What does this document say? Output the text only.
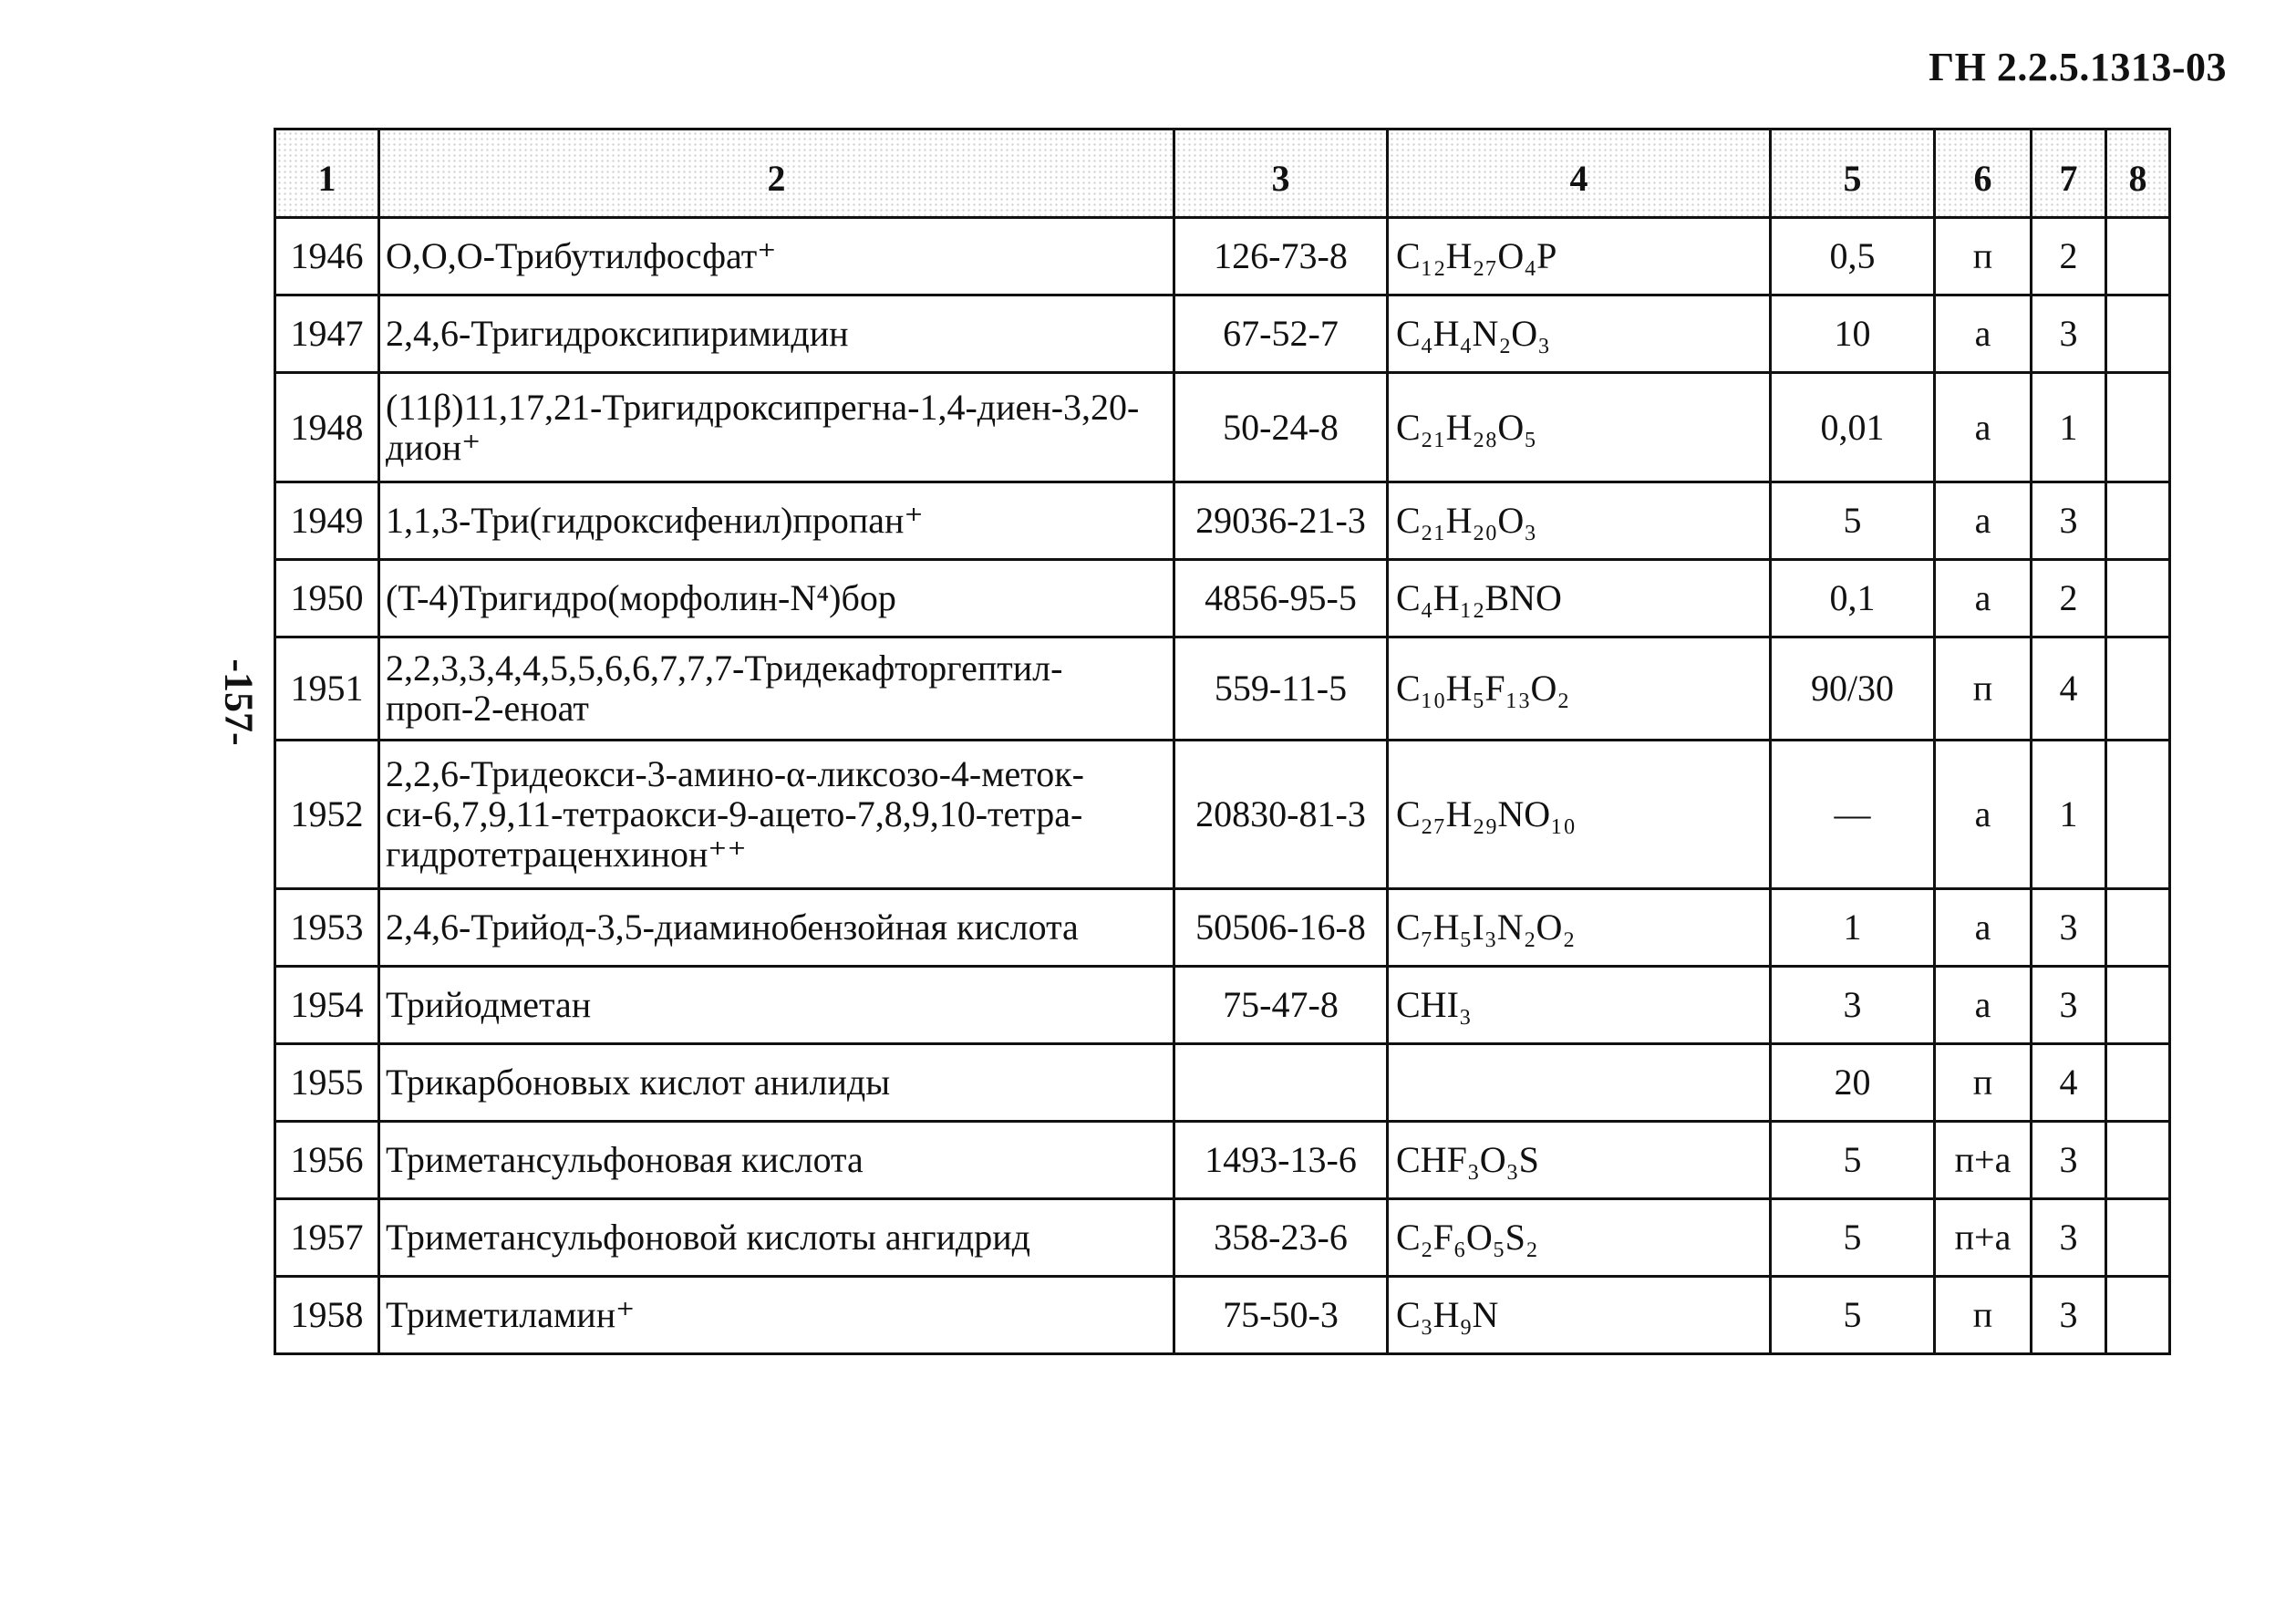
ГН 2.2.5.1313-03
-157-
1	2	3	4	5	6	7	8
1946	O,O,O-Трибутилфосфат⁺	126-73-8	C₁₂H₂₇O₄P	0,5	п	2	
1947	2,4,6-Тригидроксипиримидин	67-52-7	C₄H₄N₂O₃	10	а	3	
1948	(11β)11,17,21-Тригидроксипрегна-1,4-диен-3,20-дион⁺	50-24-8	C₂₁H₂₈O₅	0,01	а	1	
1949	1,1,3-Три(гидроксифенил)пропан⁺	29036-21-3	C₂₁H₂₀O₃	5	а	3	
1950	(T-4)Тригидро(морфолин-N⁴)бор	4856-95-5	C₄H₁₂BNO	0,1	а	2	
1951	2,2,3,3,4,4,5,5,6,6,7,7,7-Тридекафторгептил-проп-2-еноат	559-11-5	C₁₀H₅F₁₃O₂	90/30	п	4	
1952	2,2,6-Тридеокси-3-амино-α-ликсозо-4-меток-си-6,7,9,11-тетраокси-9-ацето-7,8,9,10-тетра-гидротетраценхинон⁺⁺	20830-81-3	C₂₇H₂₉NO₁₀	—	а	1	
1953	2,4,6-Трийод-3,5-диаминобензойная кислота	50506-16-8	C₇H₅I₃N₂O₂	1	а	3	
1954	Трийодметан	75-47-8	CHI₃	3	а	3	
1955	Трикарбоновых кислот анилиды			20	п	4	
1956	Триметансульфоновая кислота	1493-13-6	CHF₃O₃S	5	п+а	3	
1957	Триметансульфоновой кислоты ангидрид	358-23-6	C₂F₆O₅S₂	5	п+а	3	
1958	Триметиламин⁺	75-50-3	C₃H₉N	5	п	3	
